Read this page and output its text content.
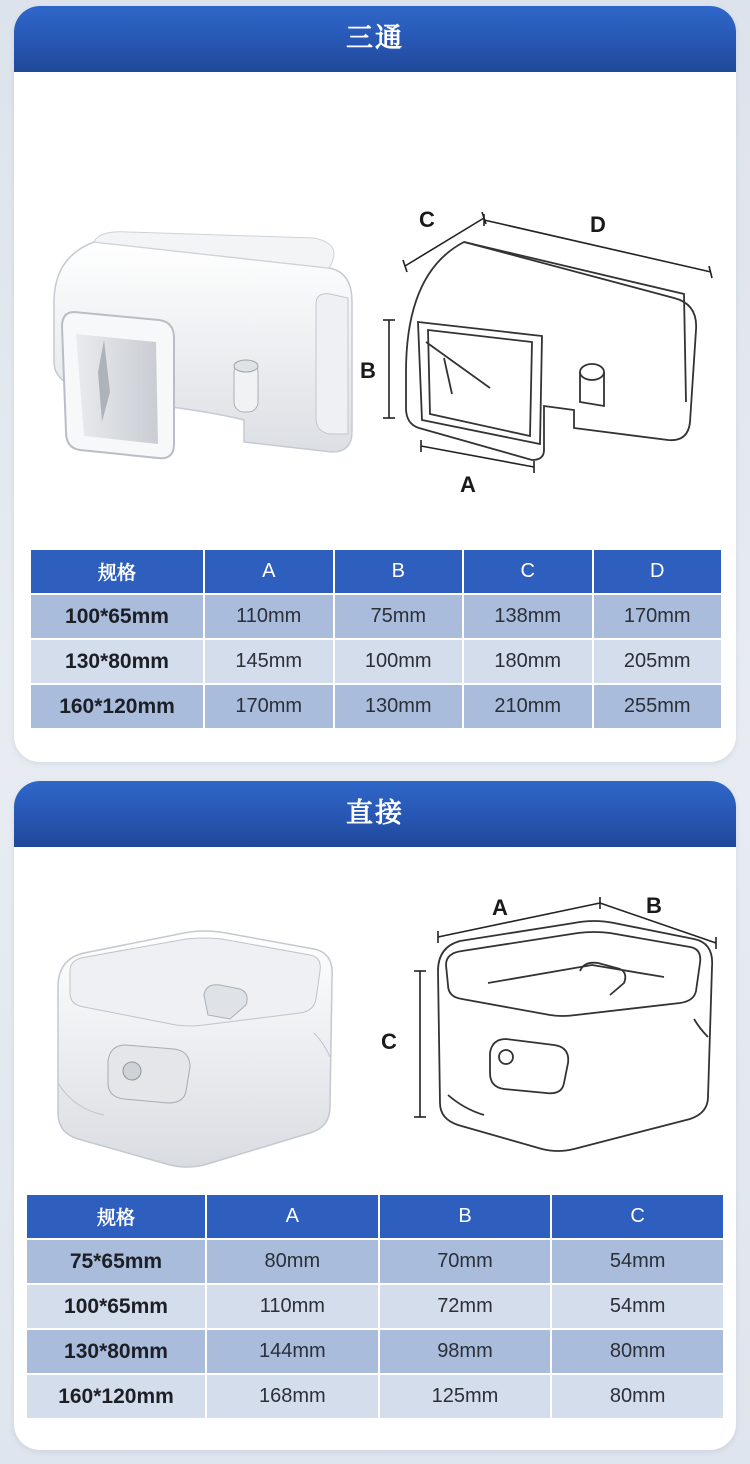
三通
C	D
B
A
规格	A	B	C	D
100*65mm	110mm	75mm	138mm	170mm
130*80mm	145mm	100mm	180mm	205mm
160*120mm	170mm	130mm	210mm	255mm
直接
A	B
C
规格	A	B	C
75*65mm	80mm	70mm	54mm
100*65mm	110mm	72mm	54mm
130*80mm	144mm	98mm	80mm
160*120mm	168mm	125mm	80mm
